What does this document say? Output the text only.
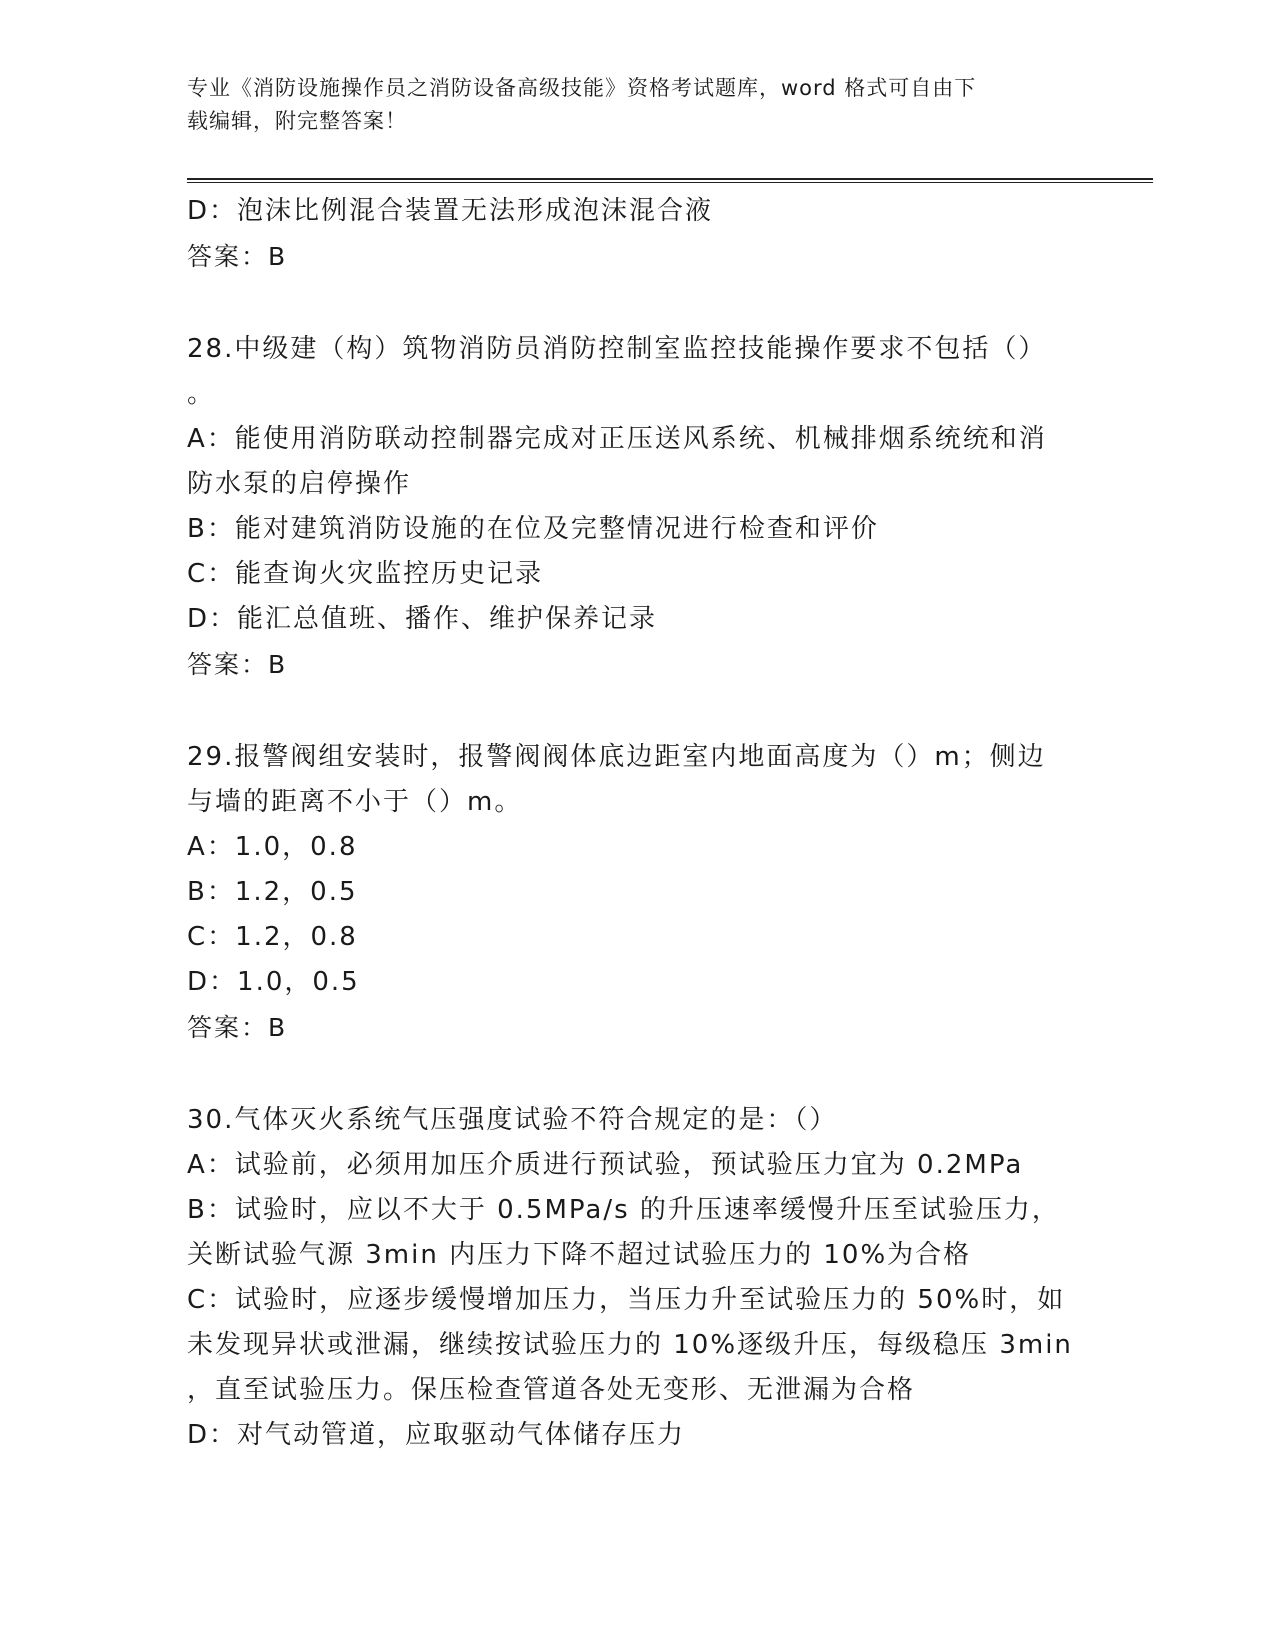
专业《消防设施操作员之消防设备高级技能》资格考试题库，word 格式可自由下
载编辑，附完整答案！
D：泡沫比例混合装置无法形成泡沫混合液
答案：B
28.中级建（构）筑物消防员消防控制室监控技能操作要求不包括（）
。
A：能使用消防联动控制器完成对正压送风系统、机械排烟系统统和消
防水泵的启停操作
B：能对建筑消防设施的在位及完整情况进行检查和评价
C：能查询火灾监控历史记录
D：能汇总值班、播作、维护保养记录
答案：B
29.报警阀组安装时，报警阀阀体底边距室内地面高度为（）m；侧边
与墙的距离不小于（）m。
A：1.0，0.8
B：1.2，0.5
C：1.2，0.8
D：1.0，0.5
答案：B
30.气体灭火系统气压强度试验不符合规定的是：（）
A：试验前，必须用加压介质进行预试验，预试验压力宜为 0.2MPa
B：试验时，应以不大于 0.5MPa/s 的升压速率缓慢升压至试验压力，
关断试验气源 3min 内压力下降不超过试验压力的 10%为合格
C：试验时，应逐步缓慢增加压力，当压力升至试验压力的 50%时，如
未发现异状或泄漏，继续按试验压力的 10%逐级升压，每级稳压 3min
，直至试验压力。保压检查管道各处无变形、无泄漏为合格
D：对气动管道，应取驱动气体储存压力
